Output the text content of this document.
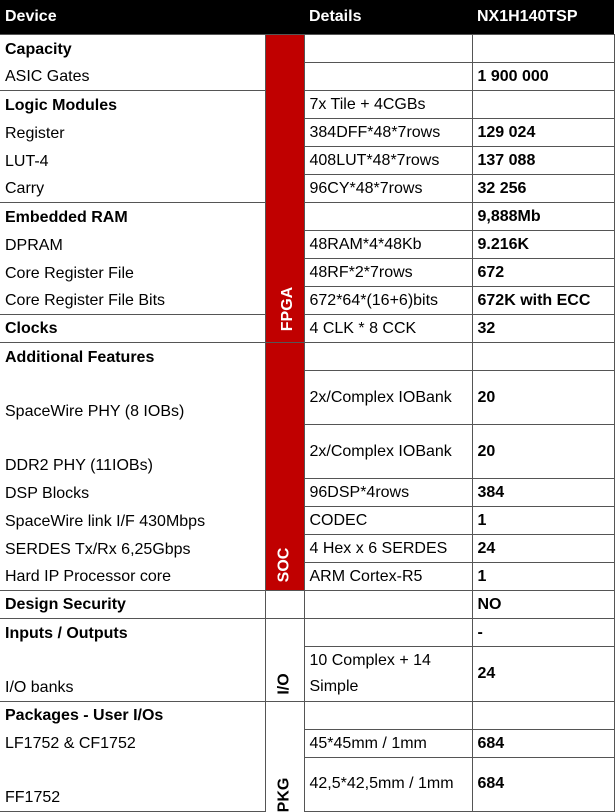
Device		Details	NX1H140TSP
Capacity	FPGA		
ASIC Gates			1 900 000
Logic Modules		7x Tile + 4CGBs	
Register		384DFF*48*7rows	129 024
LUT-4		408LUT*48*7rows	137 088
Carry		96CY*48*7rows	32 256
Embedded RAM			9,888Mb
DPRAM		48RAM*4*48Kb	9.216K
Core Register File		48RF*2*7rows	672
Core Register File Bits		672*64*(16+6)bits	672K with ECC
Clocks		4 CLK * 8 CCK	32
Additional Features	SOC		
SpaceWire PHY (8 IOBs)		2x/Complex IOBank	20
DDR2 PHY (11IOBs)		2x/Complex IOBank	20
DSP Blocks		96DSP*4rows	384
SpaceWire link I/F 430Mbps		CODEC	1
SERDES Tx/Rx 6,25Gbps		4 Hex x 6 SERDES	24
Hard IP Processor core		ARM Cortex-R5	1
Design Security			NO
Inputs / Outputs	I/O		-
I/O banks		10 Complex + 14 Simple	24
Packages - User I/Os	PKG		
LF1752 & CF1752		45*45mm / 1mm	684
FF1752		42,5*42,5mm / 1mm	684
